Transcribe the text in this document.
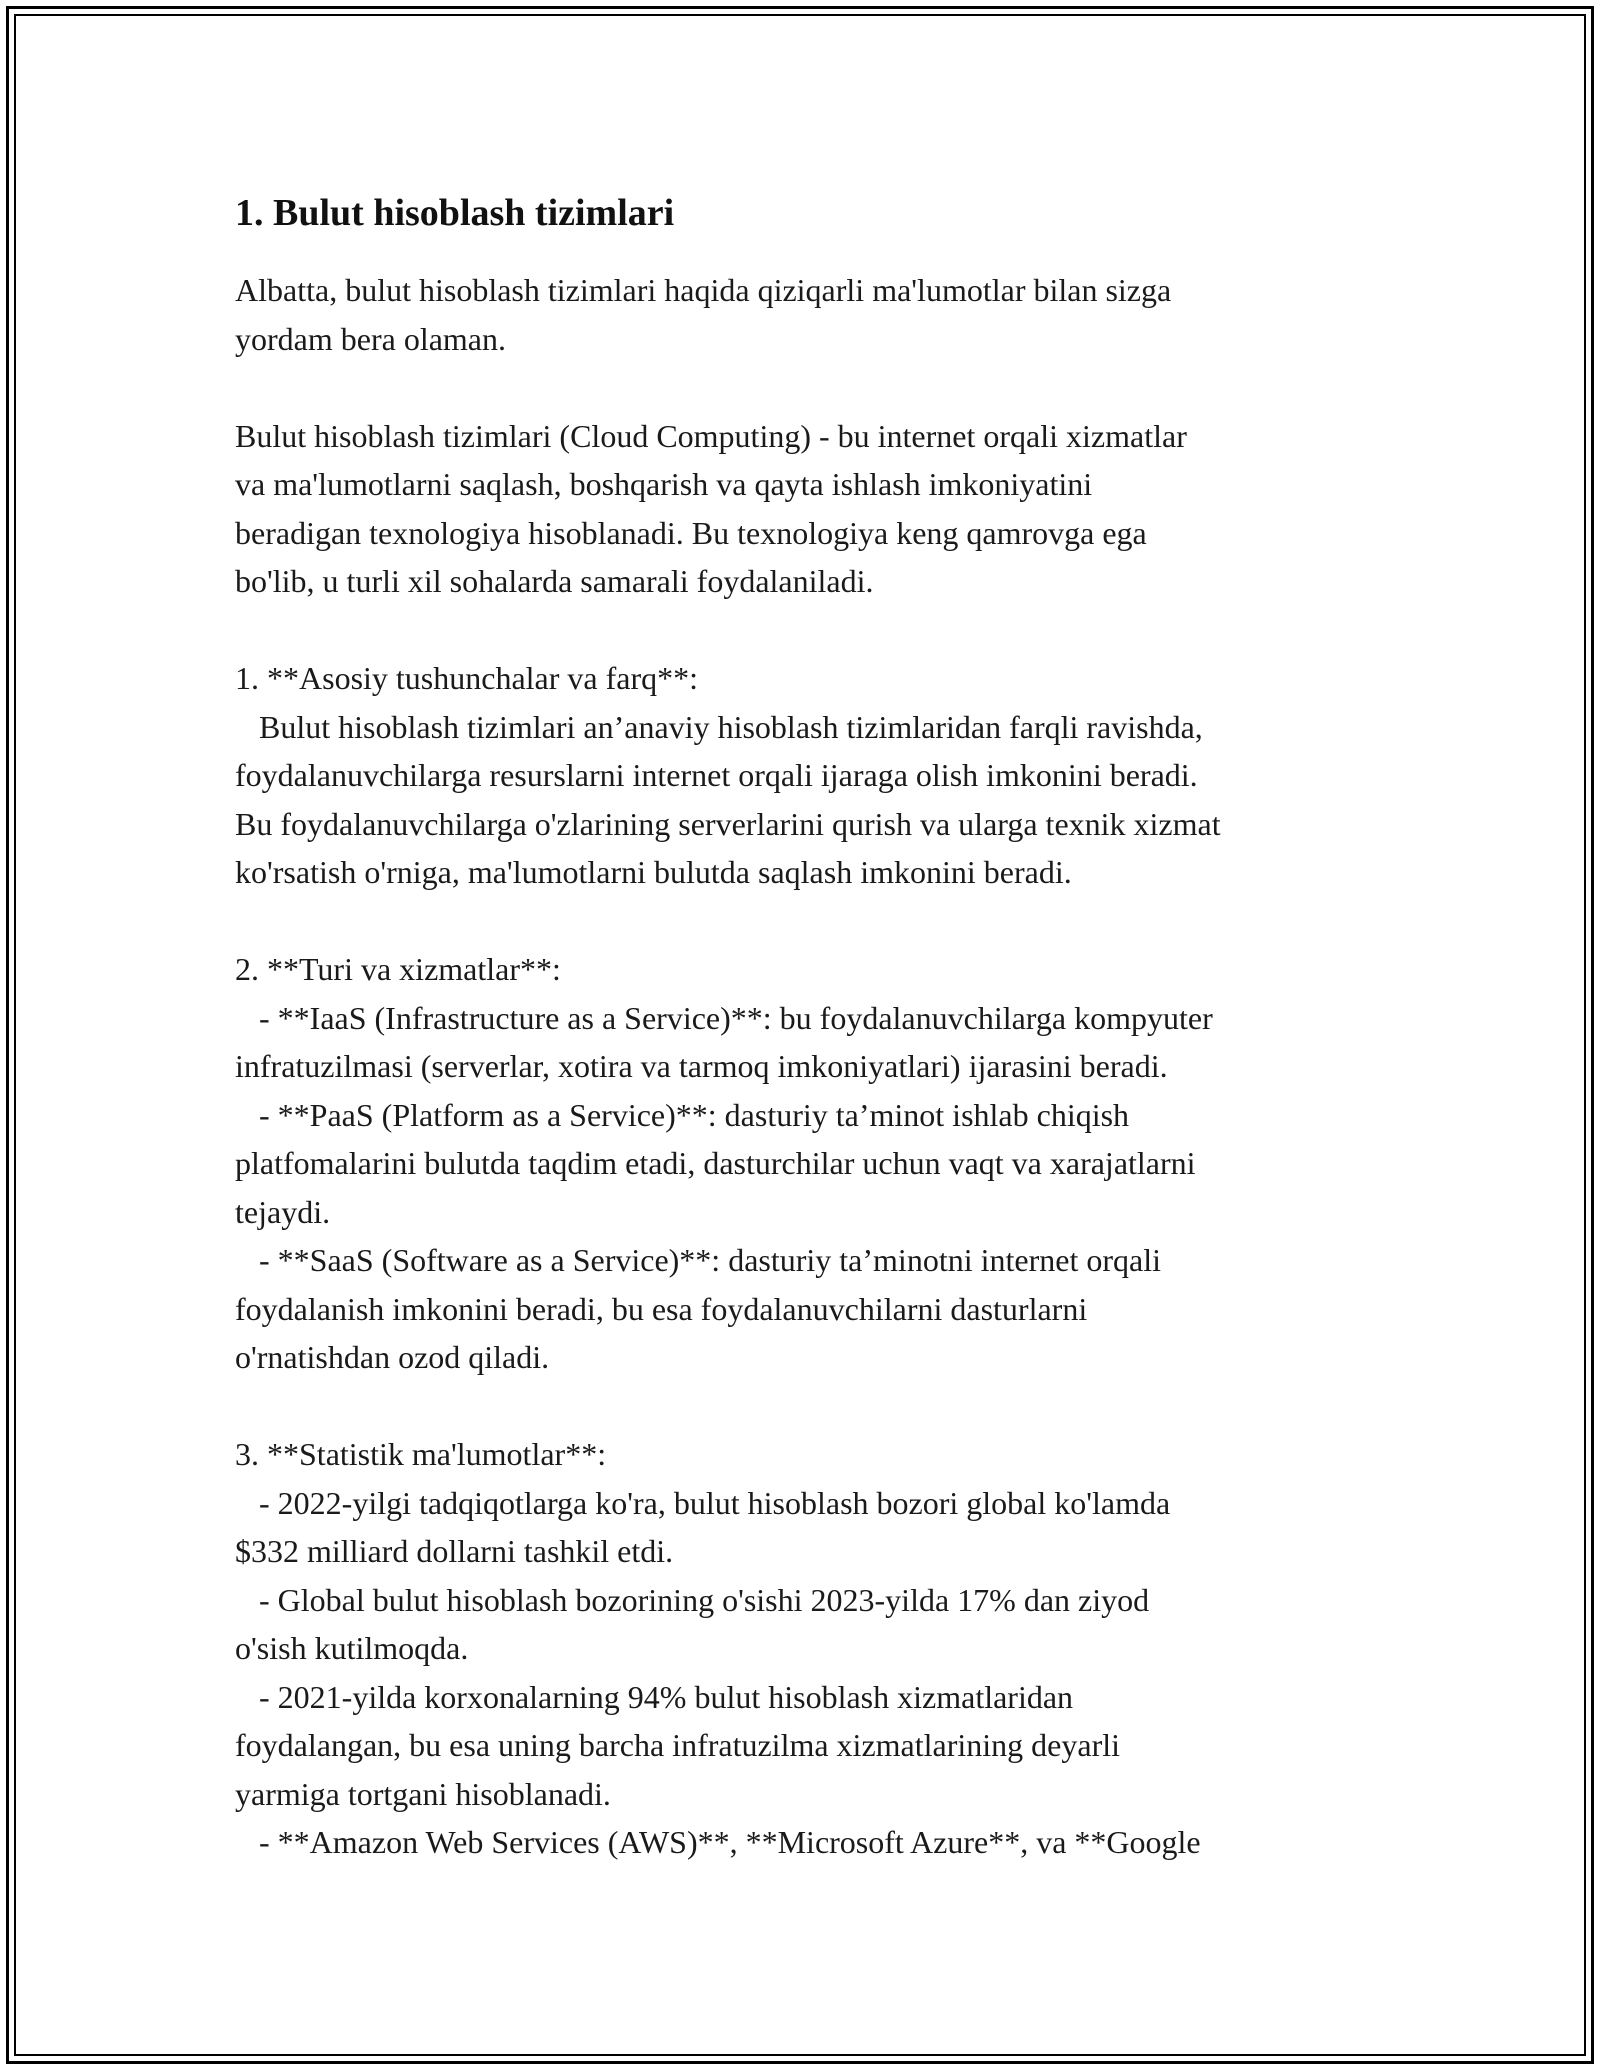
1. Bulut hisoblash tizimlari

Albatta, bulut hisoblash tizimlari haqida qiziqarli ma'lumotlar bilan sizga
yordam bera olaman.

Bulut hisoblash tizimlari (Cloud Computing) - bu internet orqali xizmatlar
va ma'lumotlarni saqlash, boshqarish va qayta ishlash imkoniyatini
beradigan texnologiya hisoblanadi. Bu texnologiya keng qamrovga ega
bo'lib, u turli xil sohalarda samarali foydalaniladi.

1. **Asosiy tushunchalar va farq**:
Bulut hisoblash tizimlari an’anaviy hisoblash tizimlaridan farqli ravishda,
foydalanuvchilarga resurslarni internet orqali ijaraga olish imkonini beradi.
Bu foydalanuvchilarga o'zlarining serverlarini qurish va ularga texnik xizmat
ko'rsatish o'rniga, ma'lumotlarni bulutda saqlash imkonini beradi.

2. **Turi va xizmatlar**:
- **IaaS (Infrastructure as a Service)**: bu foydalanuvchilarga kompyuter
infratuzilmasi (serverlar, xotira va tarmoq imkoniyatlari) ijarasini beradi.
- **PaaS (Platform as a Service)**: dasturiy ta’minot ishlab chiqish
platfomalarini bulutda taqdim etadi, dasturchilar uchun vaqt va xarajatlarni
tejaydi.
- **SaaS (Software as a Service)**: dasturiy ta’minotni internet orqali
foydalanish imkonini beradi, bu esa foydalanuvchilarni dasturlarni
o'rnatishdan ozod qiladi.

3. **Statistik ma'lumotlar**:
- 2022-yilgi tadqiqotlarga ko'ra, bulut hisoblash bozori global ko'lamda
$332 milliard dollarni tashkil etdi.
- Global bulut hisoblash bozorining o'sishi 2023-yilda 17% dan ziyod
o'sish kutilmoqda.
- 2021-yilda korxonalarning 94% bulut hisoblash xizmatlaridan
foydalangan, bu esa uning barcha infratuzilma xizmatlarining deyarli
yarmiga tortgani hisoblanadi.
- **Amazon Web Services (AWS)**, **Microsoft Azure**, va **Google
